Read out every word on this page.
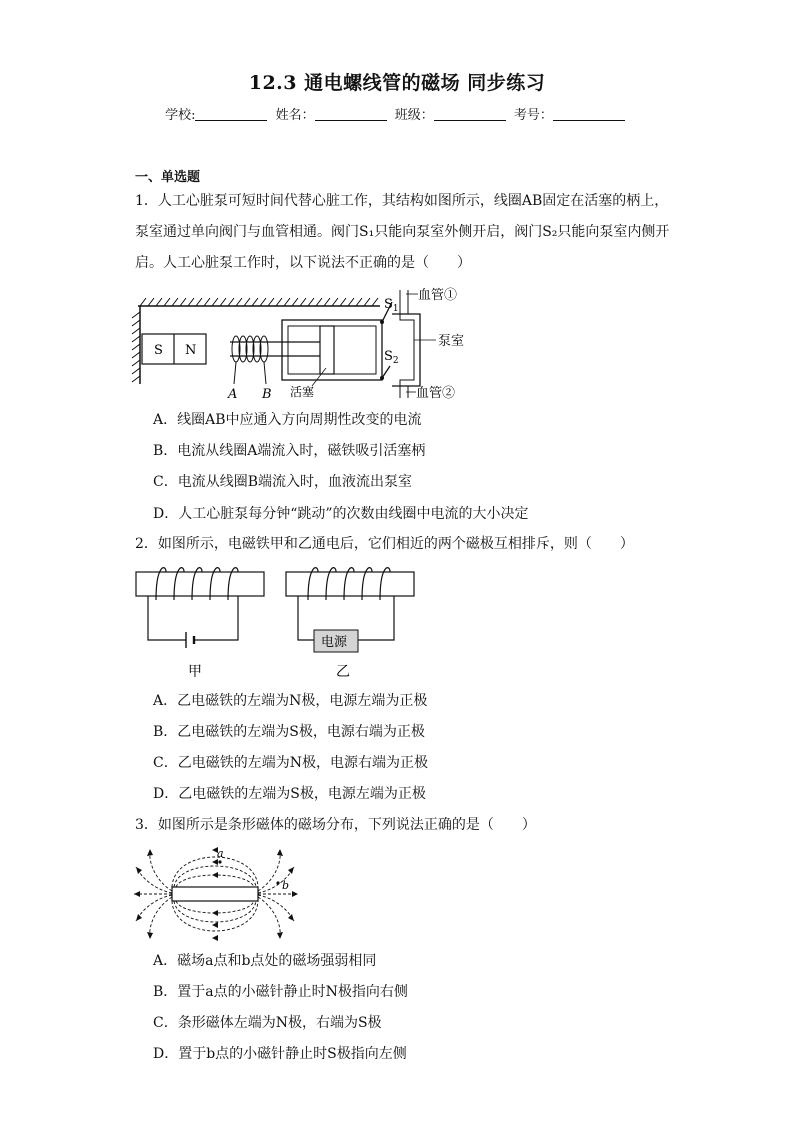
12.3 通电螺线管的磁场 同步练习
学校:	姓名：	班级：	考号：
一、单选题
1．人工心脏泵可短时间代替心脏工作，其结构如图所示，线圈AB固定在活塞的柄上，泵室通过单向阀门与血管相通。阀门S₁只能向泵室外侧开启，阀门S₂只能向泵室内侧开启。人工心脏泵工作时，以下说法不正确的是（　　）
S N
A B 活塞
$S_1$
$S_2$
血管①
泵室
血管②
A．线圈AB中应通入方向周期性改变的电流
B．电流从线圈A端流入时，磁铁吸引活塞柄
C．电流从线圈B端流入时，血液流出泵室
D．人工心脏泵每分钟“跳动”的次数由线圈中电流的大小决定
2．如图所示，电磁铁甲和乙通电后，它们相近的两个磁极互相排斥，则（　　）
甲
电源
乙
A．乙电磁铁的左端为N极，电源左端为正极
B．乙电磁铁的左端为S极，电源右端为正极
C．乙电磁铁的左端为N极，电源右端为正极
D．乙电磁铁的左端为S极，电源左端为正极
3．如图所示是条形磁体的磁场分布，下列说法正确的是（　　）
a
b
A．磁场a点和b点处的磁场强弱相同
B．置于a点的小磁针静止时N极指向右侧
C．条形磁体左端为N极，右端为S极
D．置于b点的小磁针静止时S极指向左侧
